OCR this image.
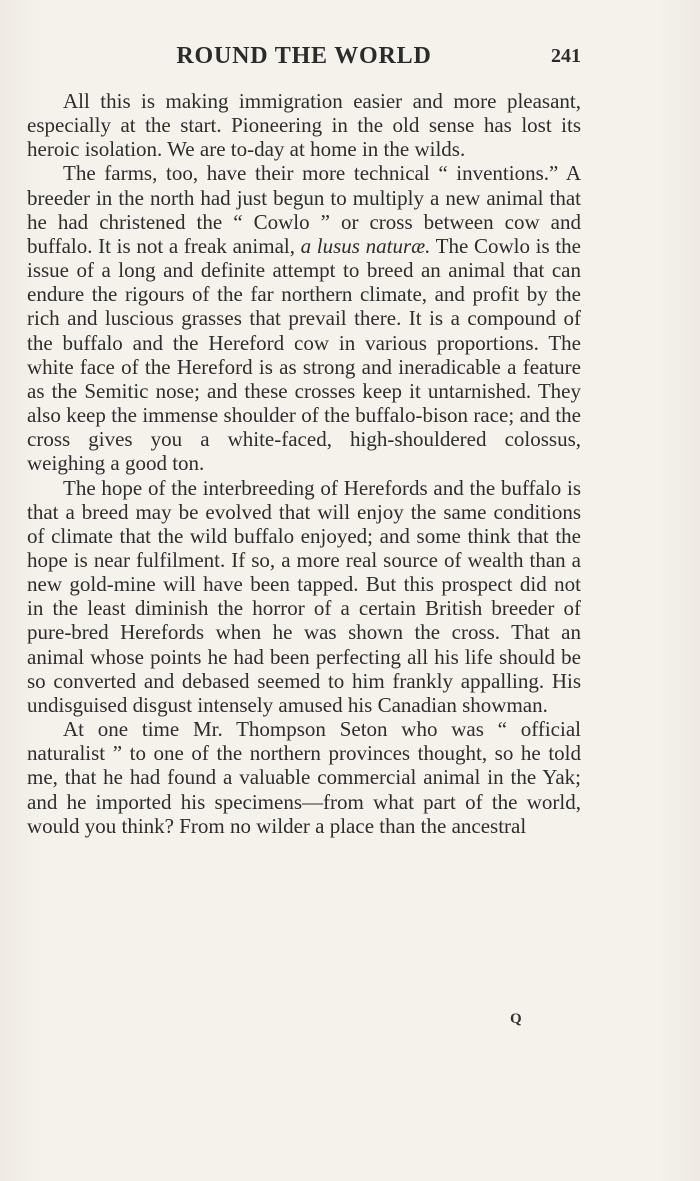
ROUND THE WORLD	241

All this is making immigration easier and more pleasant, especially at the start. Pioneering in the old sense has lost its heroic isolation. We are to-day at home in the wilds.

The farms, too, have their more technical “ inventions.” A breeder in the north had just begun to multiply a new animal that he had christened the “ Cowlo ” or cross between cow and buffalo. It is not a freak animal, a lusus naturæ. The Cowlo is the issue of a long and definite attempt to breed an animal that can endure the rigours of the far northern climate, and profit by the rich and luscious grasses that prevail there. It is a compound of the buffalo and the Hereford cow in various proportions. The white face of the Hereford is as strong and ineradicable a feature as the Semitic nose; and these crosses keep it untarnished. They also keep the immense shoulder of the buffalo-bison race; and the cross gives you a white-faced, high-shouldered colossus, weighing a good ton.

The hope of the interbreeding of Herefords and the buffalo is that a breed may be evolved that will enjoy the same conditions of climate that the wild buffalo enjoyed; and some think that the hope is near fulfilment. If so, a more real source of wealth than a new gold-mine will have been tapped. But this prospect did not in the least diminish the horror of a certain British breeder of pure-bred Herefords when he was shown the cross. That an animal whose points he had been perfecting all his life should be so converted and debased seemed to him frankly appalling. His undisguised disgust intensely amused his Canadian showman.

At one time Mr. Thompson Seton who was “ official naturalist ” to one of the northern provinces thought, so he told me, that he had found a valuable commercial animal in the Yak; and he imported his specimens—from what part of the world, would you think? From no wilder a place than the ancestral

Q
